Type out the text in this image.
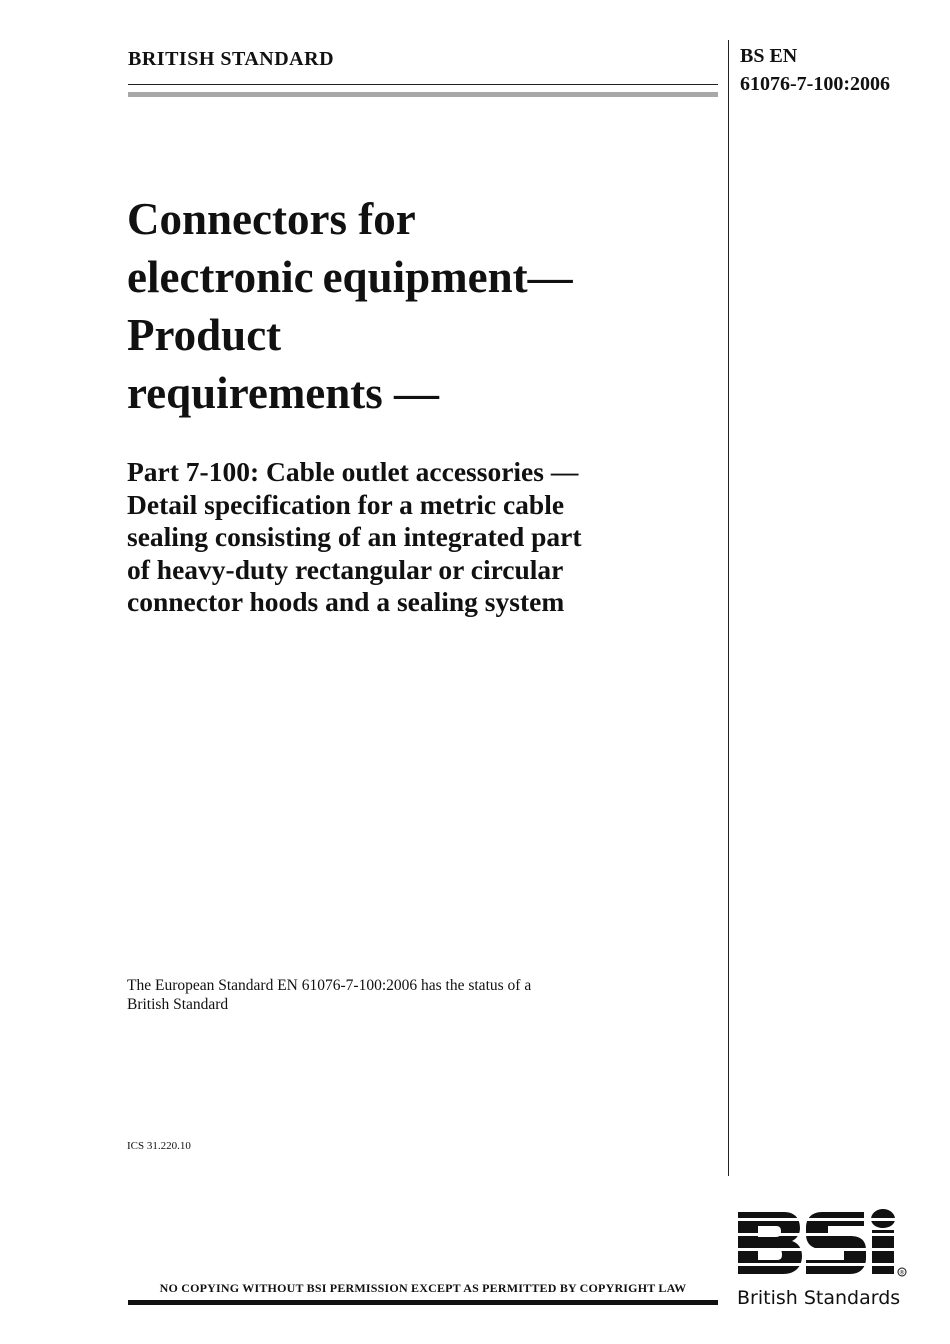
BRITISH STANDARD	BS EN
61076-7-100:2006
Connectors for
electronic equipment—
Product
requirements —
Part 7-100: Cable outlet accessories —
Detail specification for a metric cable
sealing consisting of an integrated part
of heavy-duty rectangular or circular
connector hoods and a sealing system
The European Standard EN 61076-7-100:2006 has the status of a
British Standard
ICS 31.220.10
NO COPYING WITHOUT BSI PERMISSION EXCEPT AS PERMITTED BY COPYRIGHT LAW
®
British Standards
